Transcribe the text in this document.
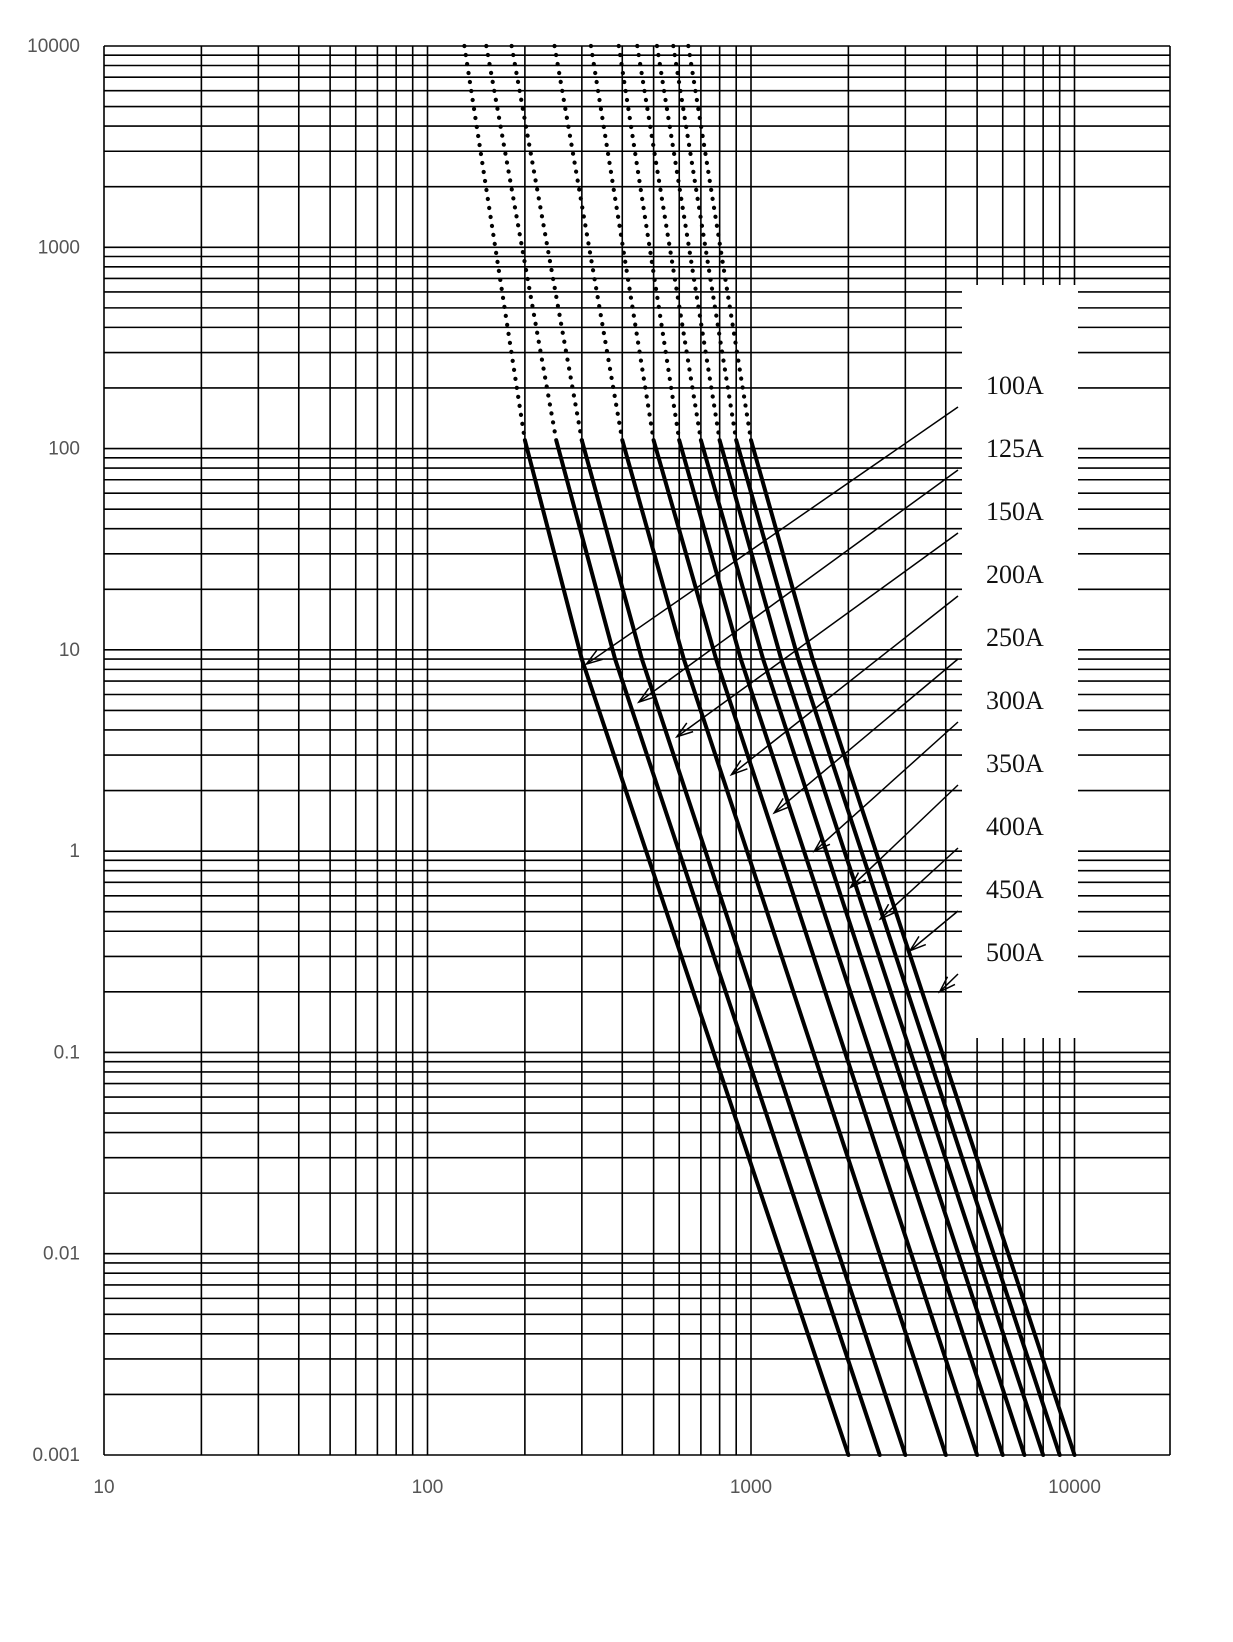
100A
125A
150A
200A
250A
300A
350A
400A
450A
500A
10	100	1000	10000
10000
1000
100
10
1
0.1
0.01
0.001
